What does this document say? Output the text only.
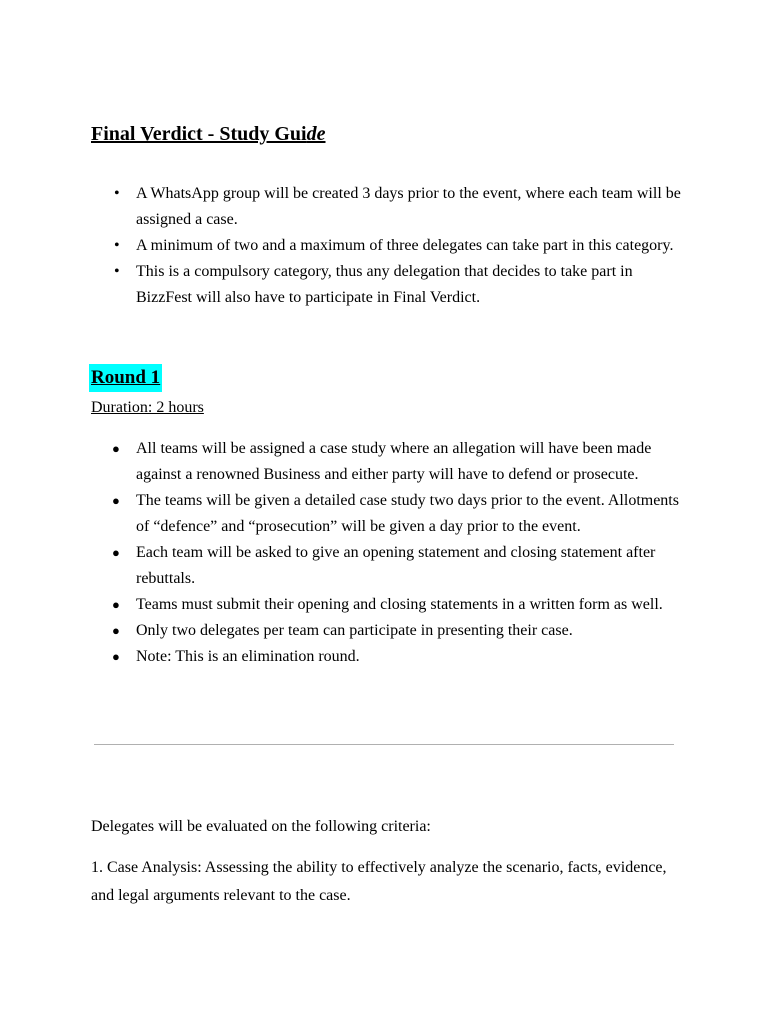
Final Verdict - Study Guide
• A WhatsApp group will be created 3 days prior to the event, where each team will be assigned a case.
• A minimum of two and a maximum of three delegates can take part in this category.
• This is a compulsory category, thus any delegation that decides to take part in BizzFest will also have to participate in Final Verdict.
Round 1
Duration: 2 hours
● All teams will be assigned a case study where an allegation will have been made against a renowned Business and either party will have to defend or prosecute.
● The teams will be given a detailed case study two days prior to the event. Allotments of “defence” and “prosecution” will be given a day prior to the event.
● Each team will be asked to give an opening statement and closing statement after rebuttals.
● Teams must submit their opening and closing statements in a written form as well.
● Only two delegates per team can participate in presenting their case.
● Note: This is an elimination round.

Delegates will be evaluated on the following criteria:

1. Case Analysis: Assessing the ability to effectively analyze the scenario, facts, evidence, and legal arguments relevant to the case.
